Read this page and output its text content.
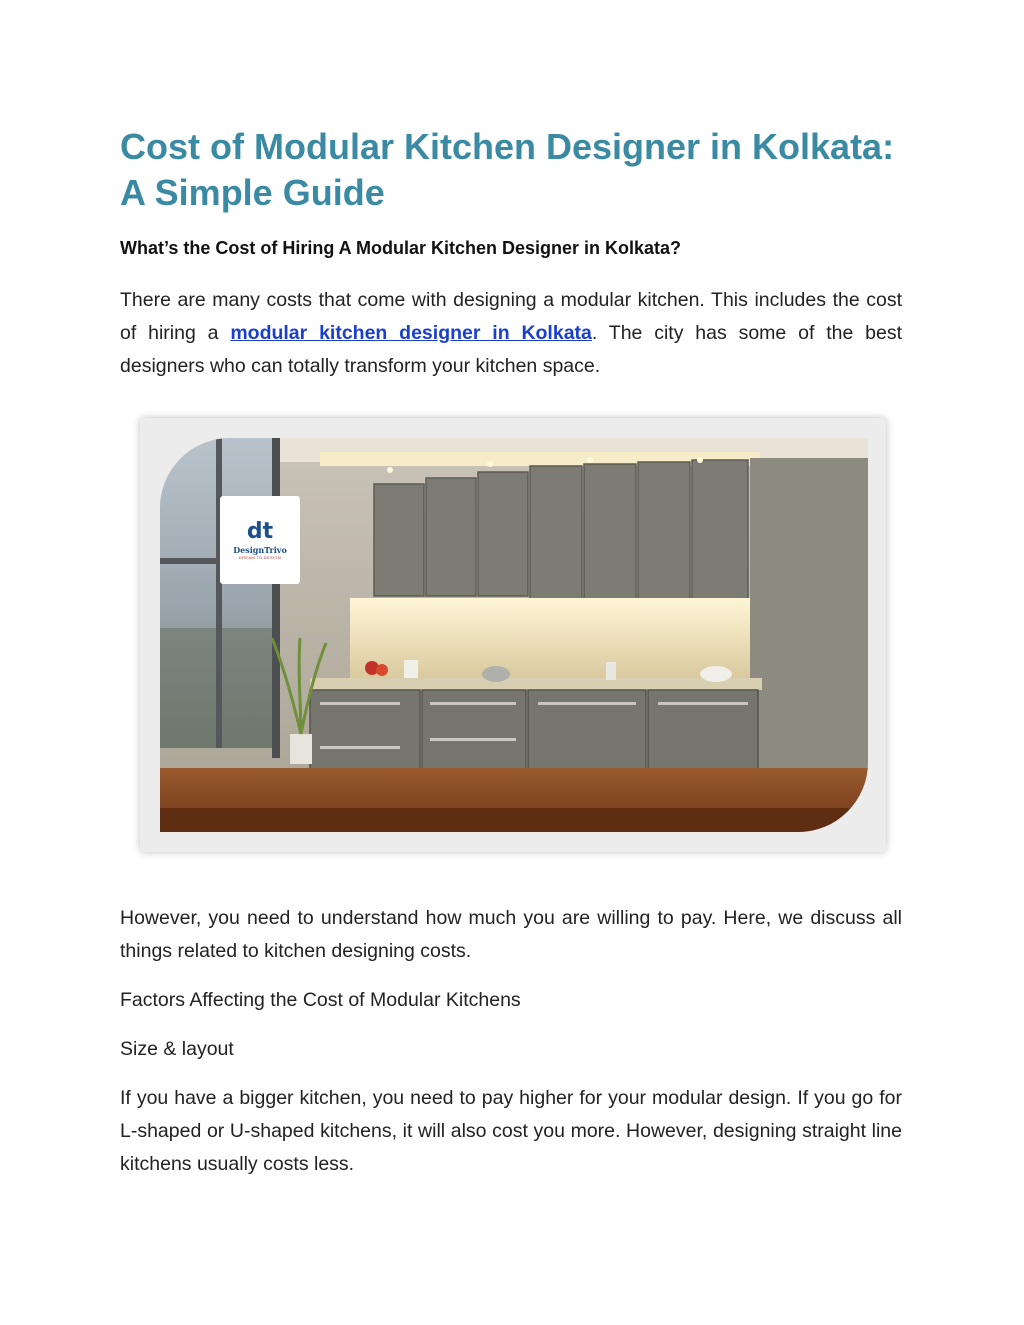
Cost of Modular Kitchen Designer in Kolkata: A Simple Guide
What’s the Cost of Hiring A Modular Kitchen Designer in Kolkata?

There are many costs that come with designing a modular kitchen. This includes the cost of hiring a modular kitchen designer in Kolkata. The city has some of the best designers who can totally transform your kitchen space.

dt
DesignTrivo
DREAM TO DESIGN

However, you need to understand how much you are willing to pay. Here, we discuss all things related to kitchen designing costs.

Factors Affecting the Cost of Modular Kitchens

Size & layout

If you have a bigger kitchen, you need to pay higher for your modular design. If you go for L-shaped or U-shaped kitchens, it will also cost you more. However, designing straight line kitchens usually costs less.
